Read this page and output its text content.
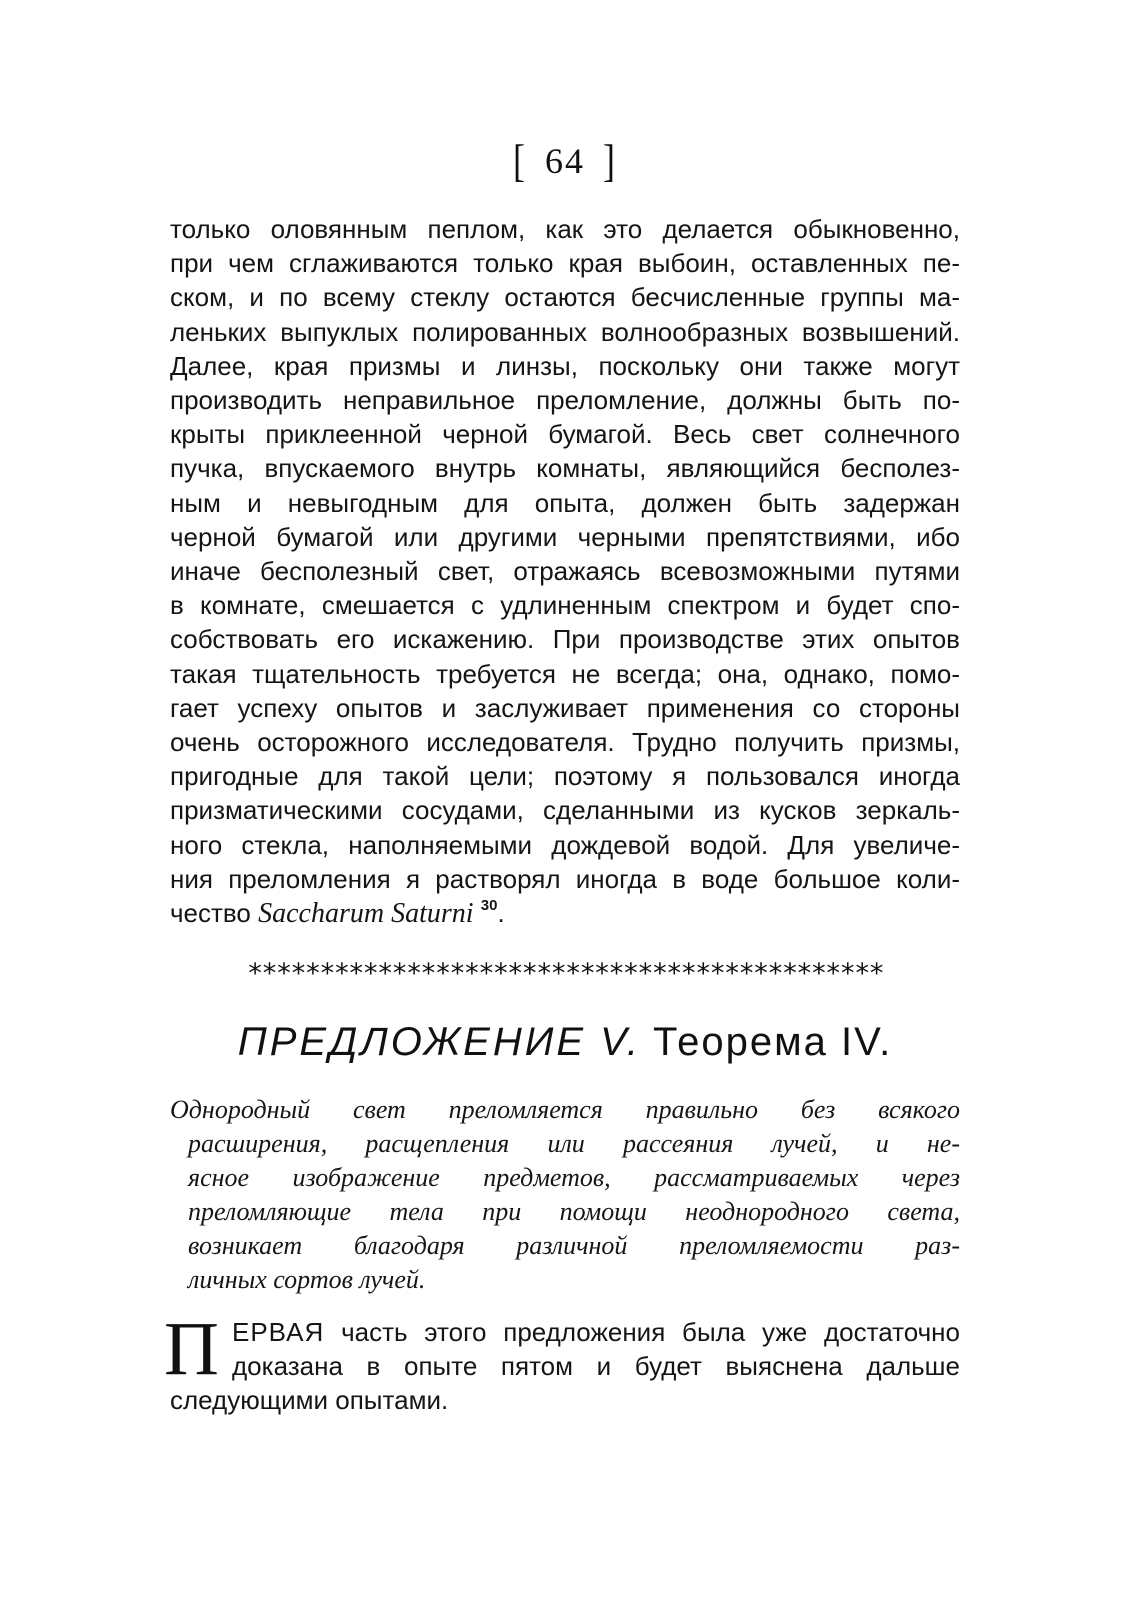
[ 64 ]
только оловянным пеплом, как это делается обыкновенно,
при чем сглаживаются только края выбоин, оставленных пе-
ском, и по всему стеклу остаются бесчисленные группы ма-
леньких выпуклых полированных волнообразных возвышений.
Далее, края призмы и линзы, поскольку они также могут
производить неправильное преломление, должны быть по-
крыты приклеенной черной бумагой. Весь свет солнечного
пучка, впускаемого внутрь комнаты, являющийся бесполез-
ным и невыгодным для опыта, должен быть задержан
черной бумагой или другими черными препятствиями, ибо
иначе бесполезный свет, отражаясь всевозможными путями
в комнате, смешается с удлиненным спектром и будет спо-
собствовать его искажению. При производстве этих опытов
такая тщательность требуется не всегда; она, однако, помо-
гает успеху опытов и заслуживает применения со стороны
очень осторожного исследователя. Трудно получить призмы,
пригодные для такой цели; поэтому я пользовался иногда
призматическими сосудами, сделанными из кусков зеркаль-
ного стекла, наполняемыми дождевой водой. Для увеличе-
ния преломления я растворял иногда в воде большое коли-
чество Saccharum Saturni $^{30}$.
********************************************
ПРЕДЛОЖЕНИЕ V. Теорема IV.
Однородный свет преломляется правильно без всякого
расширения, расщепления или рассеяния лучей, и не-
ясное изображение предметов, рассматриваемых через
преломляющие тела при помощи неоднородного света,
возникает благодаря различной преломляемости раз-
личных сортов лучей.
П ЕРВАЯ часть этого предложения была уже достаточно
доказана в опыте пятом и будет выяснена дальше
следующими опытами.
